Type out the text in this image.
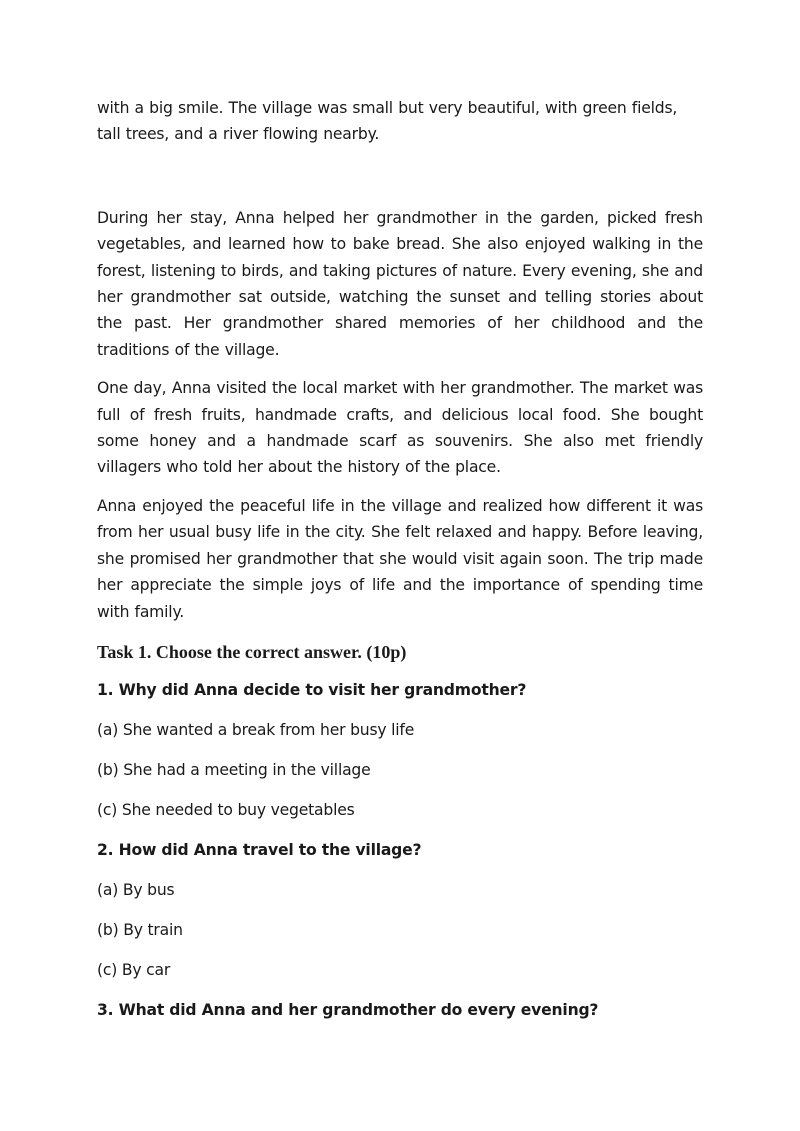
with a big smile. The village was small but very beautiful, with green fields, tall trees, and a river flowing nearby.

During her stay, Anna helped her grandmother in the garden, picked fresh vegetables, and learned how to bake bread. She also enjoyed walking in the forest, listening to birds, and taking pictures of nature. Every evening, she and her grandmother sat outside, watching the sunset and telling stories about the past. Her grandmother shared memories of her childhood and the traditions of the village.

One day, Anna visited the local market with her grandmother. The market was full of fresh fruits, handmade crafts, and delicious local food. She bought some honey and a handmade scarf as souvenirs. She also met friendly villagers who told her about the history of the place.

Anna enjoyed the peaceful life in the village and realized how different it was from her usual busy life in the city. She felt relaxed and happy. Before leaving, she promised her grandmother that she would visit again soon. The trip made her appreciate the simple joys of life and the importance of spending time with family.

Task 1. Choose the correct answer. (10p)
1. Why did Anna decide to visit her grandmother?
(a) She wanted a break from her busy life
(b) She had a meeting in the village
(c) She needed to buy vegetables
2. How did Anna travel to the village?
(a) By bus
(b) By train
(c) By car
3. What did Anna and her grandmother do every evening?
